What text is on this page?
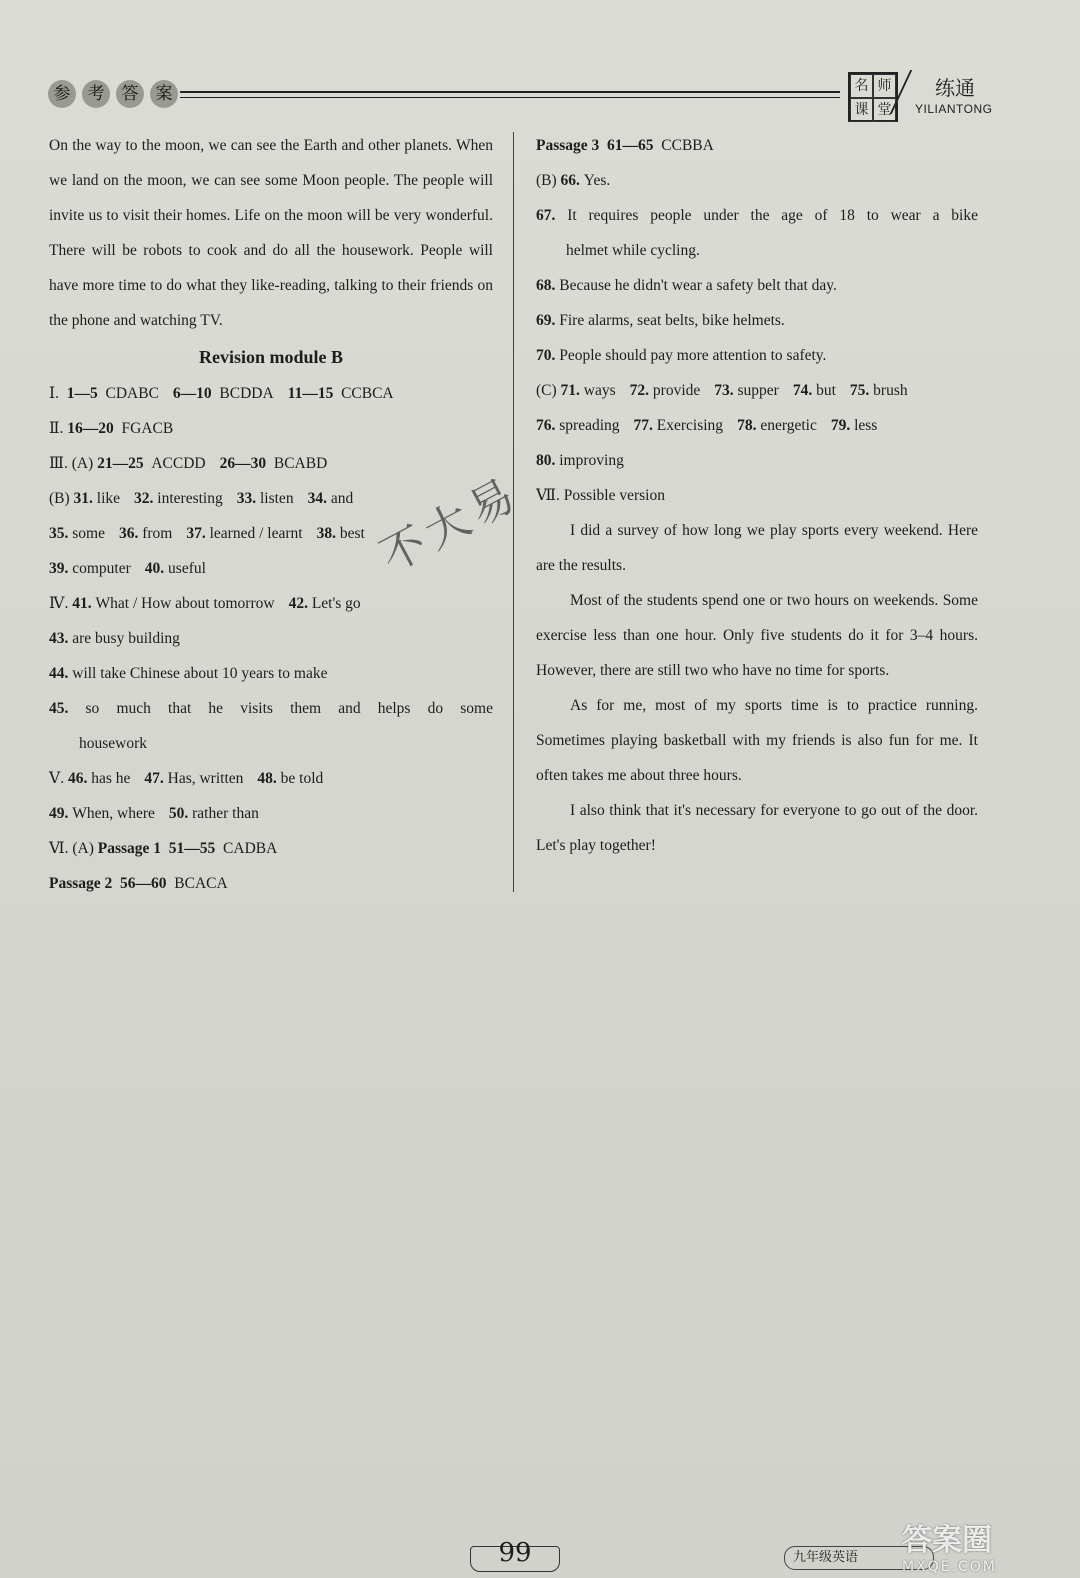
参	考	答	案	名 师
课 堂
练通
YILIANTONG

On the way to the moon, we can see the Earth and other planets. When we land on the moon, we can see some Moon people. The people will invite us to visit their homes. Life on the moon will be very wonderful. There will be robots to cook and do all the housework. People will have more time to do what they like-reading, talking to their friends on the phone and watching TV.

Revision module B
Ⅰ. 1—5 CDABC 6—10 BCDDA 11—15 CCBCA
Ⅱ. 16—20 FGACB
Ⅲ. (A) 21—25 ACCDD 26—30 BCABD
(B) 31. like 32. interesting 33. listen 34. and
35. some 36. from 37. learned / learnt 38. best
39. computer 40. useful
Ⅳ. 41. What / How about tomorrow 42. Let's go
43. are busy building
44. will take Chinese about 10 years to make
45. so much that he visits them and helps do some
housework
Ⅴ. 46. has he 47. Has, written 48. be told
49. When, where 50. rather than
Ⅵ. (A) Passage 1 51—55 CADBA
Passage 2 56—60 BCACA
Passage 3 61—65 CCBBA
(B) 66. Yes.
67. It requires people under the age of 18 to wear a bike
helmet while cycling.
68. Because he didn't wear a safety belt that day.
69. Fire alarms, seat belts, bike helmets.
70. People should pay more attention to safety.
(C) 71. ways 72. provide 73. supper 74. but 75. brush
76. spreading 77. Exercising 78. energetic 79. less
80. improving
Ⅶ. Possible version

I did a survey of how long we play sports every weekend. Here are the results.

Most of the students spend one or two hours on weekends. Some exercise less than one hour. Only five students do it for 3–4 hours. However, there are still two who have no time for sports.

As for me, most of my sports time is to practice running. Sometimes playing basketball with my friends is also fun for me. It often takes me about three hours.

I also think that it's necessary for everyone to go out of the door. Let's play together!

不大易
99	九年级英语	答案圈
MXQE.COM
